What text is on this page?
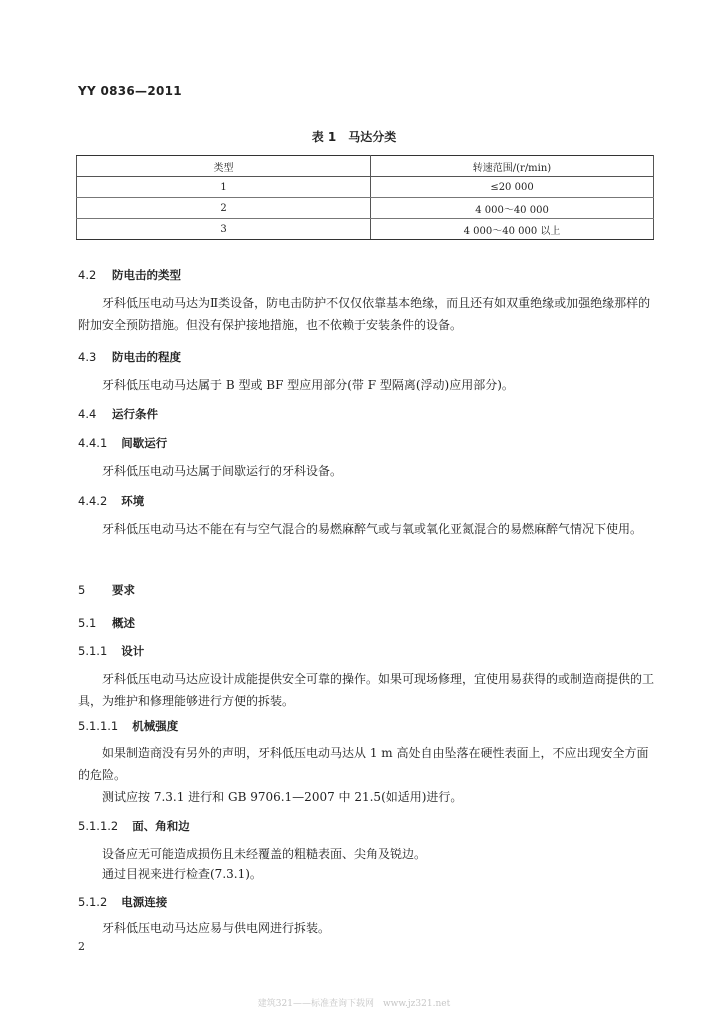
YY 0836—2011
表 1　马达分类
类型	转速范围/(r/min)
1	≤20 000
2	4 000～40 000
3	4 000～40 000 以上
4.2 防电击的类型
牙科低压电动马达为Ⅱ类设备，防电击防护不仅仅依靠基本绝缘，而且还有如双重绝缘或加强绝缘那样的附加安全预防措施。但没有保护接地措施，也不依赖于安装条件的设备。
4.3 防电击的程度
牙科低压电动马达属于 B 型或 BF 型应用部分(带 F 型隔离(浮动)应用部分)。
4.4 运行条件
4.4.1 间歇运行
牙科低压电动马达属于间歇运行的牙科设备。
4.4.2 环境
牙科低压电动马达不能在有与空气混合的易燃麻醉气或与氧或氧化亚氮混合的易燃麻醉气情况下使用。
5 要求
5.1 概述
5.1.1 设计
牙科低压电动马达应设计成能提供安全可靠的操作。如果可现场修理，宜使用易获得的或制造商提供的工具，为维护和修理能够进行方便的拆装。
5.1.1.1 机械强度
如果制造商没有另外的声明，牙科低压电动马达从 1 m 高处自由坠落在硬性表面上，不应出现安全方面的危险。
测试应按 7.3.1 进行和 GB 9706.1—2007 中 21.5(如适用)进行。
5.1.1.2 面、角和边
设备应无可能造成损伤且未经覆盖的粗糙表面、尖角及锐边。
通过目视来进行检查(7.3.1)。
5.1.2 电源连接
牙科低压电动马达应易与供电网进行拆装。
2
建筑321——标准查询下载网　www.jz321.net
